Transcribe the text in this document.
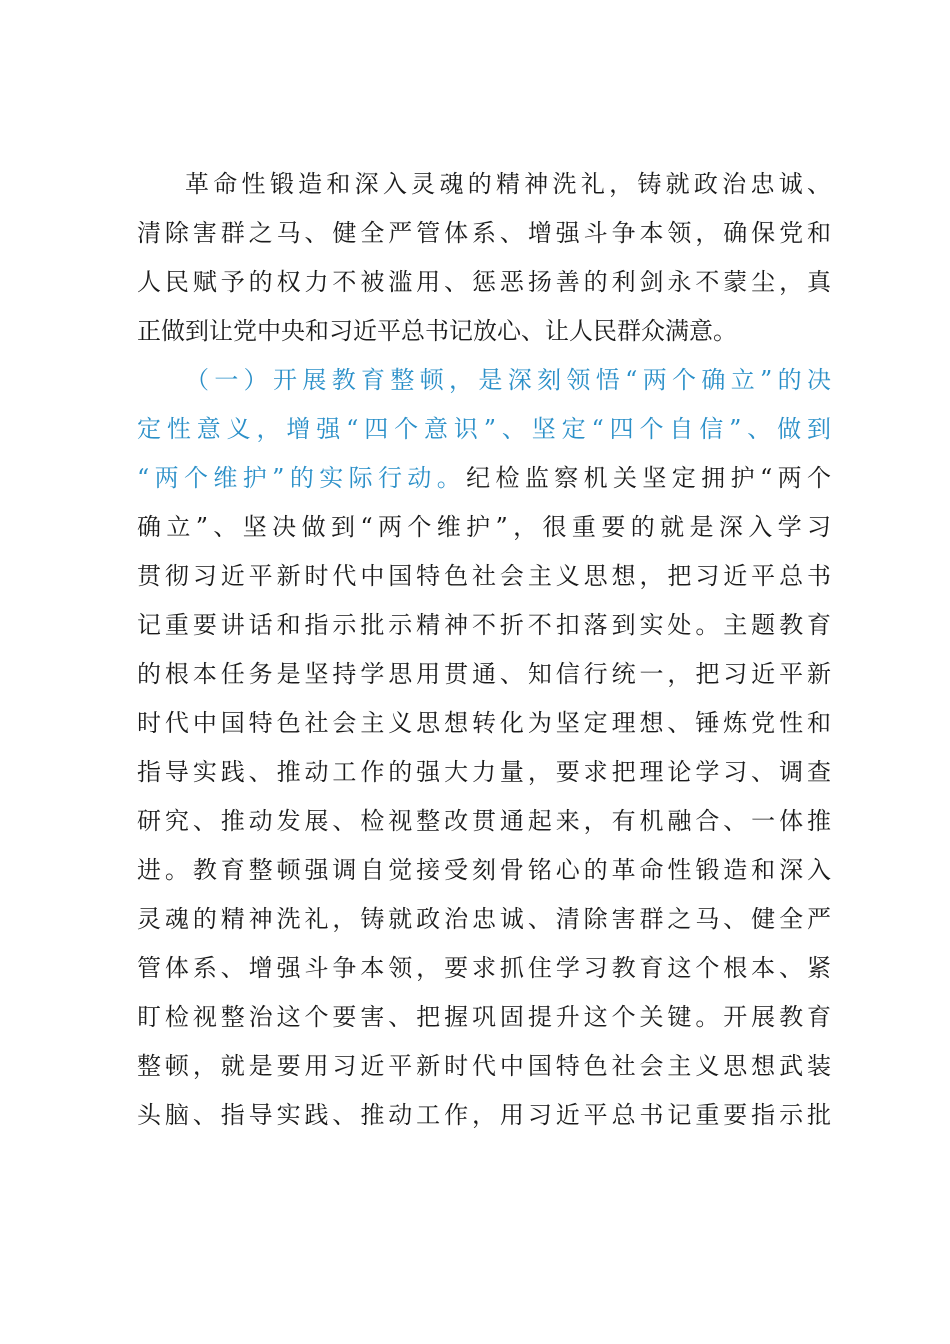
革命性锻造和深入灵魂的精神洗礼，铸就政治忠诚、
清除害群之马、健全严管体系、增强斗争本领，确保党和
人民赋予的权力不被滥用、惩恶扬善的利剑永不蒙尘，真
正做到让党中央和习近平总书记放心、让人民群众满意。
（一）开展教育整顿，是深刻领悟“两个确立”的决
定性意义，增强“四个意识”、坚定“四个自信”、做到
“两个维护”的实际行动。纪检监察机关坚定拥护“两个
确立”、坚决做到“两个维护”，很重要的就是深入学习
贯彻习近平新时代中国特色社会主义思想，把习近平总书
记重要讲话和指示批示精神不折不扣落到实处。主题教育
的根本任务是坚持学思用贯通、知信行统一，把习近平新
时代中国特色社会主义思想转化为坚定理想、锤炼党性和
指导实践、推动工作的强大力量，要求把理论学习、调查
研究、推动发展、检视整改贯通起来，有机融合、一体推
进。教育整顿强调自觉接受刻骨铭心的革命性锻造和深入
灵魂的精神洗礼，铸就政治忠诚、清除害群之马、健全严
管体系、增强斗争本领，要求抓住学习教育这个根本、紧
盯检视整治这个要害、把握巩固提升这个关键。开展教育
整顿，就是要用习近平新时代中国特色社会主义思想武装
头脑、指导实践、推动工作，用习近平总书记重要指示批
